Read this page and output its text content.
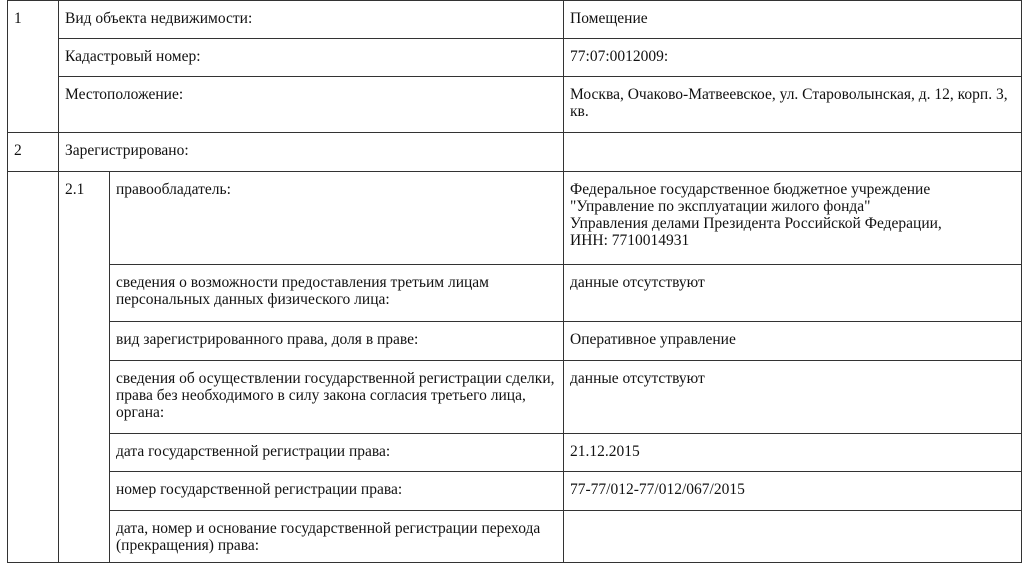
1	Вид объекта недвижимости:		Помещение
	Кадастровый номер:		77:07:0012009:
	Местоположение:		Москва, Очаково-Матвеевское, ул. Староволынская, д. 12, корп. 3, кв.
2	Зарегистрировано:		
	2.1	правообладатель:	Федеральное государственное бюджетное учреждение
"Управление по эксплуатации жилого фонда"
Управления делами Президента Российской Федерации,
ИНН: 7710014931

		сведения о возможности предоставления третьим лицам персональных данных физического лица:	данные отсутствуют
		вид зарегистрированного права, доля в праве:	Оперативное управление
		сведения об осуществлении государственной регистрации сделки, права без необходимого в силу закона согласия третьего лица, органа:	данные отсутствуют
		дата государственной регистрации права:	21.12.2015
		номер государственной регистрации права:	77-77/012-77/012/067/2015
		дата, номер и основание государственной регистрации перехода (прекращения) права:	
